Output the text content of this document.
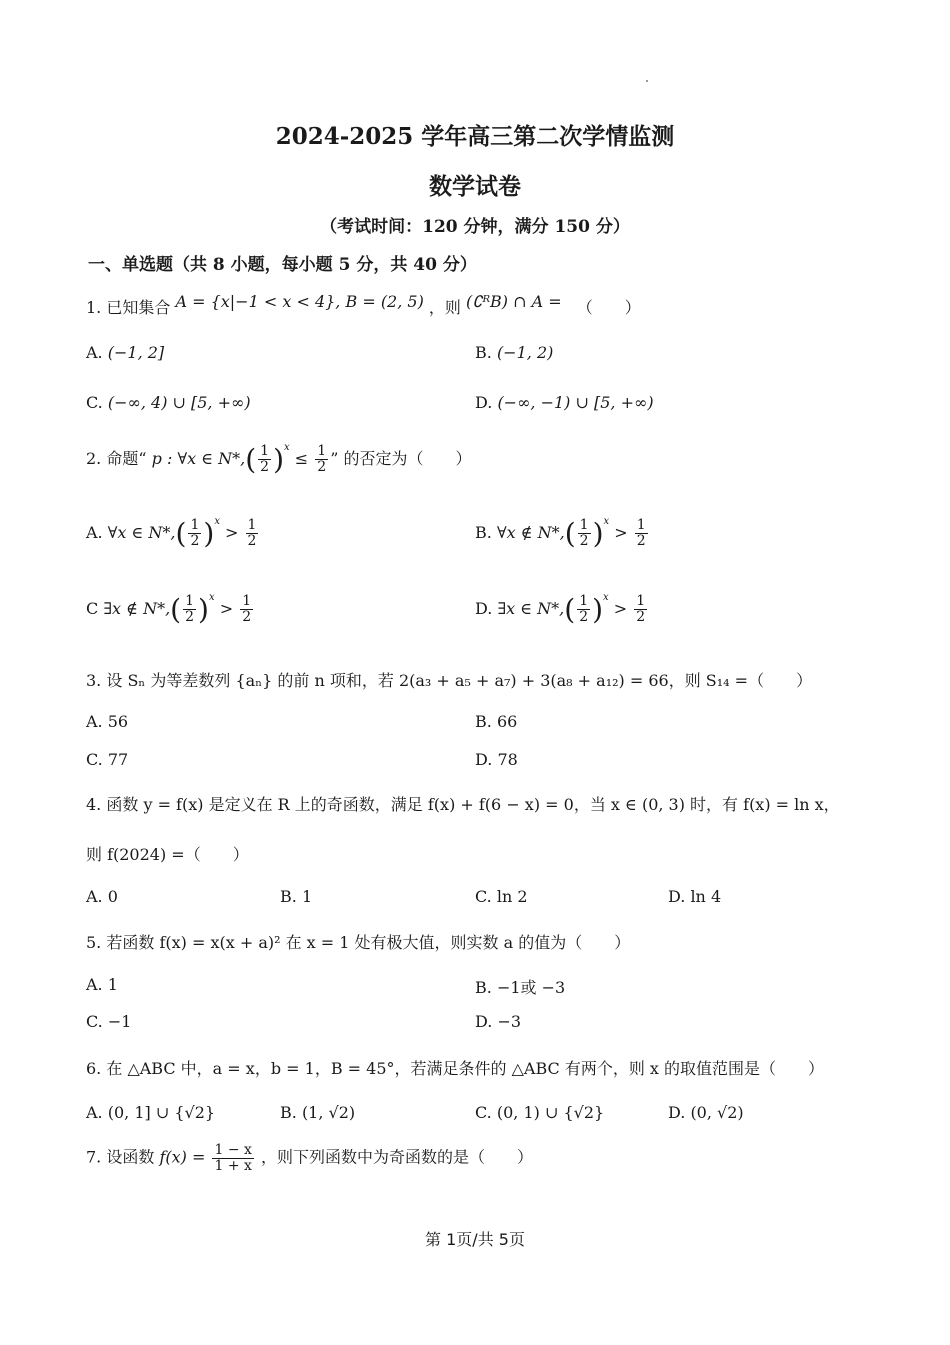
2024-2025 学年高三第二次学情监测
数学试卷
（考试时间：120 分钟，满分 150 分）
一、单选题（共 8 小题，每小题 5 分，共 40 分）
1. 已知集合 A = {x|−1 < x < 4}, B = (2, 5) ，则 (∁ᴿB) ∩ A = （　　）
A. (−1, 2]	B. (−1, 2)
C. (−∞, 4) ∪ [5, +∞)	D. (−∞, −1) ∪ [5, +∞)
2. 命题“ p : ∀x ∈ $N*,( \frac{1}{2} )^x \le \frac{1}{2}$ ” 的否定为（　　）
A. ∀x ∈ $N*,( \frac{1}{2} )^x > \frac{1}{2}$	B. ∀x ∉ $N*,( \frac{1}{2} )^x > \frac{1}{2}$
C ∃x ∉ $N*,( \frac{1}{2} )^x > \frac{1}{2}$	D. ∃x ∈ $N*,( \frac{1}{2} )^x > \frac{1}{2}$
3. 设 Sₙ 为等差数列 {aₙ} 的前 n 项和，若 2(a₃ + a₅ + a₇) + 3(a₈ + a₁₂) = 66，则 S₁₄ =（　　）
A. 56	B. 66
C. 77	D. 78
4. 函数 y = f(x) 是定义在 R 上的奇函数，满足 f(x) + f(6 − x) = 0，当 x ∈ (0, 3) 时，有 f(x) = ln x，
则 f(2024) =（　　）
A. 0	B. 1	C. ln 2	D. ln 4
5. 若函数 f(x) = x(x + a)² 在 x = 1 处有极大值，则实数 a 的值为（　　）
A. 1	B. −1或 −3
C. −1	D. −3
6. 在 △ABC 中，a = x，b = 1，B = 45°，若满足条件的 △ABC 有两个，则 x 的取值范围是（　　）
A. (0, 1] ∪ {√2}	B. (1, √2)	C. (0, 1) ∪ {√2}	D. (0, √2)
7. 设函数 $f(x) = \frac{1 - x}{1 + x}$ ，则下列函数中为奇函数的是（　　）
第 1页/共 5页
